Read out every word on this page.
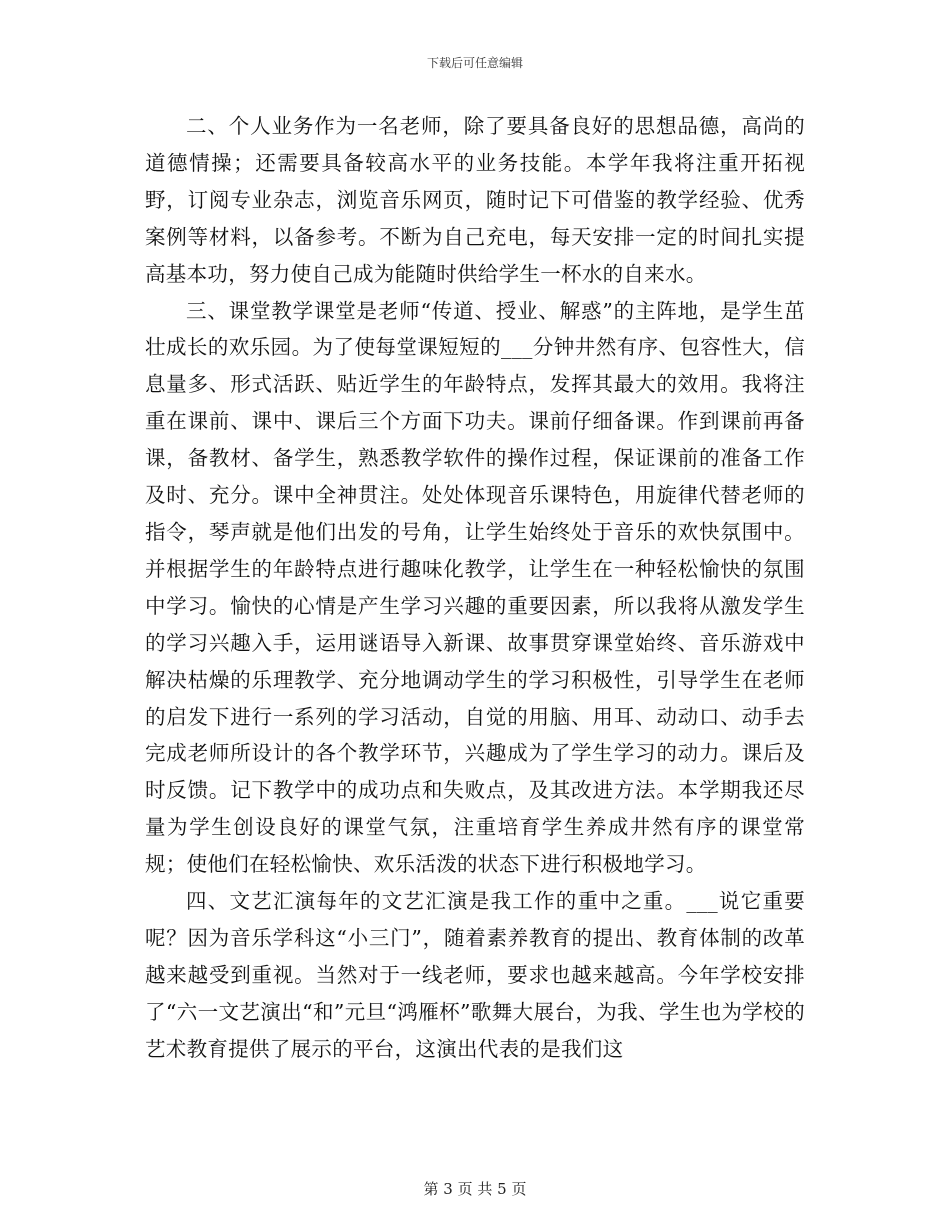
下载后可任意编辑

二、个人业务作为一名老师，除了要具备良好的思想品德，高尚的道德情操；还需要具备较高水平的业务技能。本学年我将注重开拓视野，订阅专业杂志，浏览音乐网页，随时记下可借鉴的教学经验、优秀案例等材料，以备参考。不断为自己充电，每天安排一定的时间扎实提高基本功，努力使自己成为能随时供给学生一杯水的自来水。

三、课堂教学课堂是老师“传道、授业、解惑”的主阵地，是学生茁壮成长的欢乐园。为了使每堂课短短的___分钟井然有序、包容性大，信息量多、形式活跃、贴近学生的年龄特点，发挥其最大的效用。我将注重在课前、课中、课后三个方面下功夫。课前仔细备课。作到课前再备课，备教材、备学生，熟悉教学软件的操作过程，保证课前的准备工作及时、充分。课中全神贯注。处处体现音乐课特色，用旋律代替老师的指令，琴声就是他们出发的号角，让学生始终处于音乐的欢快氛围中。并根据学生的年龄特点进行趣味化教学，让学生在一种轻松愉快的氛围中学习。愉快的心情是产生学习兴趣的重要因素，所以我将从激发学生的学习兴趣入手，运用谜语导入新课、故事贯穿课堂始终、音乐游戏中解决枯燥的乐理教学、充分地调动学生的学习积极性，引导学生在老师的启发下进行一系列的学习活动，自觉的用脑、用耳、动动口、动手去完成老师所设计的各个教学环节，兴趣成为了学生学习的动力。课后及时反馈。记下教学中的成功点和失败点，及其改进方法。本学期我还尽量为学生创设良好的课堂气氛，注重培育学生养成井然有序的课堂常规；使他们在轻松愉快、欢乐活泼的状态下进行积极地学习。

四、文艺汇演每年的文艺汇演是我工作的重中之重。___说它重要呢？因为音乐学科这“小三门”，随着素养教育的提出、教育体制的改革越来越受到重视。当然对于一线老师，要求也越来越高。今年学校安排了“六一文艺演出“和”元旦“鸿雁杯”歌舞大展台，为我、学生也为学校的艺术教育提供了展示的平台，这演出代表的是我们这

第 3 页 共 5 页
